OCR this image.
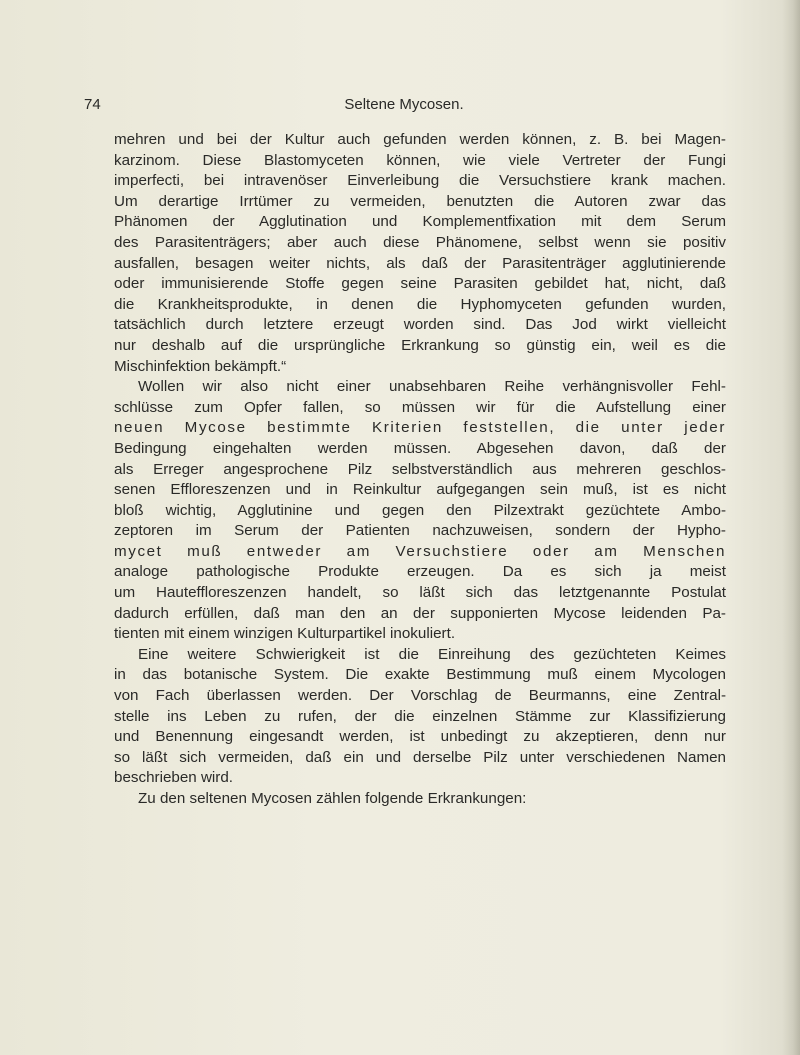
74	Seltene Mycosen.
mehren und bei der Kultur auch gefunden werden können, z. B. bei Magen-
karzinom. Diese Blastomyceten können, wie viele Vertreter der Fungi
imperfecti, bei intravenöser Einverleibung die Versuchstiere krank machen.
Um derartige Irrtümer zu vermeiden, benutzten die Autoren zwar das
Phänomen der Agglutination und Komplementfixation mit dem Serum
des Parasitenträgers; aber auch diese Phänomene, selbst wenn sie positiv
ausfallen, besagen weiter nichts, als daß der Parasitenträger agglutinierende
oder immunisierende Stoffe gegen seine Parasiten gebildet hat, nicht, daß
die Krankheitsprodukte, in denen die Hyphomyceten gefunden wurden,
tatsächlich durch letztere erzeugt worden sind. Das Jod wirkt vielleicht
nur deshalb auf die ursprüngliche Erkrankung so günstig ein, weil es die
Mischinfektion bekämpft.“
Wollen wir also nicht einer unabsehbaren Reihe verhängnisvoller Fehl-
schlüsse zum Opfer fallen, so müssen wir für die Aufstellung einer
neuen Mycose bestimmte Kriterien feststellen, die unter jeder
Bedingung eingehalten werden müssen. Abgesehen davon, daß der
als Erreger angesprochene Pilz selbstverständlich aus mehreren geschlos-
senen Effloreszenzen und in Reinkultur aufgegangen sein muß, ist es nicht
bloß wichtig, Agglutinine und gegen den Pilzextrakt gezüchtete Ambo-
zeptoren im Serum der Patienten nachzuweisen, sondern der Hypho-
mycet muß entweder am Versuchstiere oder am Menschen
analoge pathologische Produkte erzeugen. Da es sich ja meist
um Hauteffloreszenzen handelt, so läßt sich das letztgenannte Postulat
dadurch erfüllen, daß man den an der supponierten Mycose leidenden Pa-
tienten mit einem winzigen Kulturpartikel inokuliert.
Eine weitere Schwierigkeit ist die Einreihung des gezüchteten Keimes
in das botanische System. Die exakte Bestimmung muß einem Mycologen
von Fach überlassen werden. Der Vorschlag de Beurmanns, eine Zentral-
stelle ins Leben zu rufen, der die einzelnen Stämme zur Klassifizierung
und Benennung eingesandt werden, ist unbedingt zu akzeptieren, denn nur
so läßt sich vermeiden, daß ein und derselbe Pilz unter verschiedenen Namen
beschrieben wird.
Zu den seltenen Mycosen zählen folgende Erkrankungen:
